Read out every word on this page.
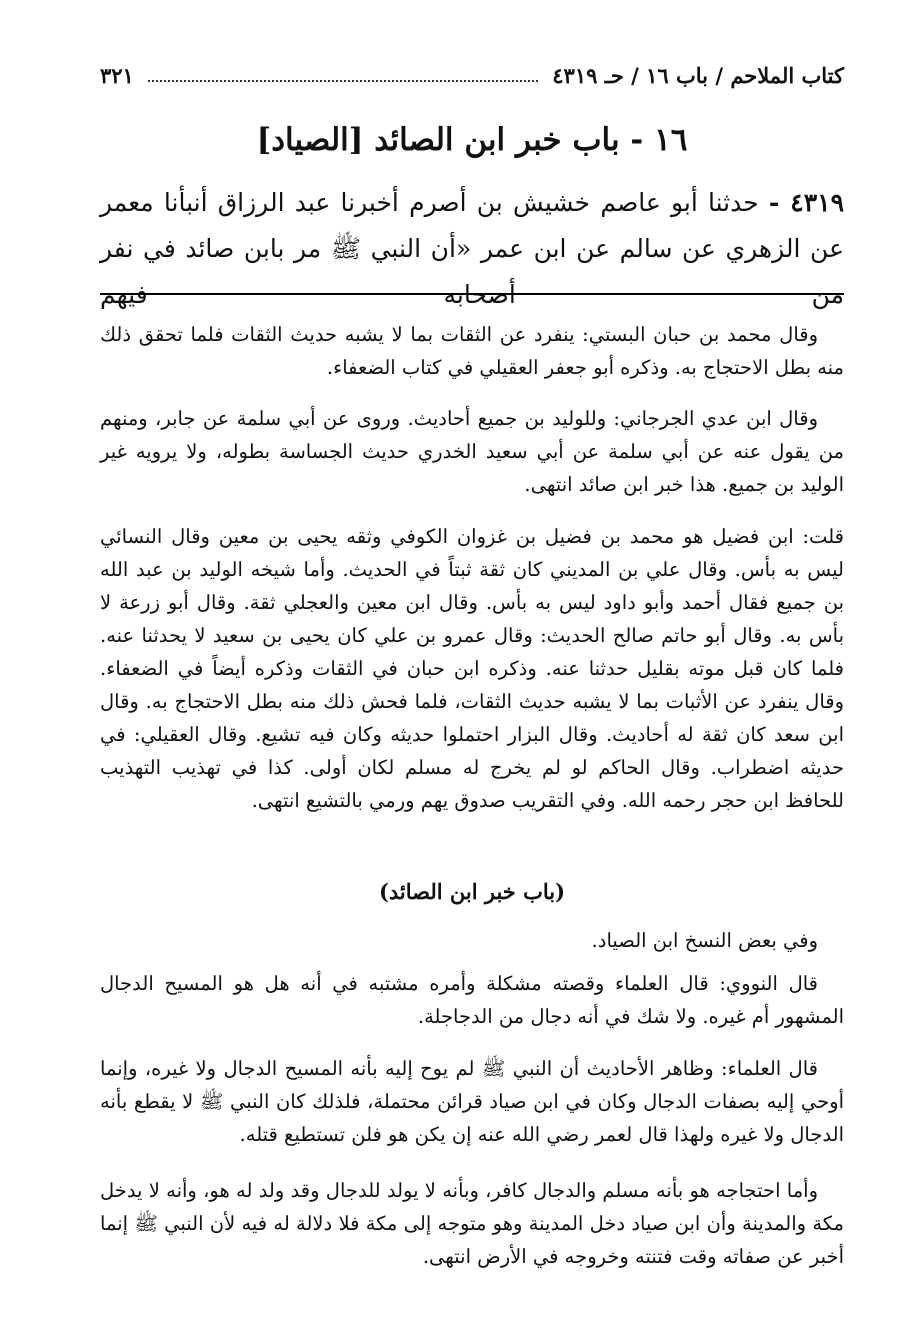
كتاب الملاحم / باب ١٦ / حـ ٤٣١٩
٣٢١
١٦ - باب خبر ابن الصائد [الصياد]
٤٣١٩ - حدثنا أبو عاصم خشيش بن أصرم أخبرنا عبد الرزاق أنبأنا معمر عن الزهري عن سالم عن ابن عمر «أن النبي ﷺ مر بابن صائد في نفر من أصحابه فيهم

وقال محمد بن حبان البستي: ينفرد عن الثقات بما لا يشبه حديث الثقات فلما تحقق ذلك منه بطل الاحتجاج به. وذكره أبو جعفر العقيلي في كتاب الضعفاء.

وقال ابن عدي الجرجاني: وللوليد بن جميع أحاديث. وروى عن أبي سلمة عن جابر، ومنهم من يقول عنه عن أبي سلمة عن أبي سعيد الخدري حديث الجساسة بطوله، ولا يرويه غير الوليد بن جميع. هذا خبر ابن صائد انتهى.

قلت: ابن فضيل هو محمد بن فضيل بن غزوان الكوفي وثقه يحيى بن معين وقال النسائي ليس به بأس. وقال علي بن المديني كان ثقة ثبتاً في الحديث. وأما شيخه الوليد بن عبد الله بن جميع فقال أحمد وأبو داود ليس به بأس. وقال ابن معين والعجلي ثقة. وقال أبو زرعة لا بأس به. وقال أبو حاتم صالح الحديث: وقال عمرو بن علي كان يحيى بن سعيد لا يحدثنا عنه. فلما كان قبل موته بقليل حدثنا عنه. وذكره ابن حبان في الثقات وذكره أيضاً في الضعفاء. وقال ينفرد عن الأثبات بما لا يشبه حديث الثقات، فلما فحش ذلك منه بطل الاحتجاج به. وقال ابن سعد كان ثقة له أحاديث. وقال البزار احتملوا حديثه وكان فيه تشيع. وقال العقيلي: في حديثه اضطراب. وقال الحاكم لو لم يخرج له مسلم لكان أولى. كذا في تهذيب التهذيب للحافظ ابن حجر رحمه الله. وفي التقريب صدوق يهم ورمي بالتشيع انتهى.

(باب خبر ابن الصائد)

وفي بعض النسخ ابن الصياد.

قال النووي: قال العلماء وقصته مشكلة وأمره مشتبه في أنه هل هو المسيح الدجال المشهور أم غيره. ولا شك في أنه دجال من الدجاجلة.

قال العلماء: وظاهر الأحاديث أن النبي ﷺ لم يوح إليه بأنه المسيح الدجال ولا غيره، وإنما أوحي إليه بصفات الدجال وكان في ابن صياد قرائن محتملة، فلذلك كان النبي ﷺ لا يقطع بأنه الدجال ولا غيره ولهذا قال لعمر رضي الله عنه إن يكن هو فلن تستطيع قتله.

وأما احتجاجه هو بأنه مسلم والدجال كافر، وبأنه لا يولد للدجال وقد ولد له هو، وأنه لا يدخل مكة والمدينة وأن ابن صياد دخل المدينة وهو متوجه إلى مكة فلا دلالة له فيه لأن النبي ﷺ إنما أخبر عن صفاته وقت فتنته وخروجه في الأرض انتهى.
